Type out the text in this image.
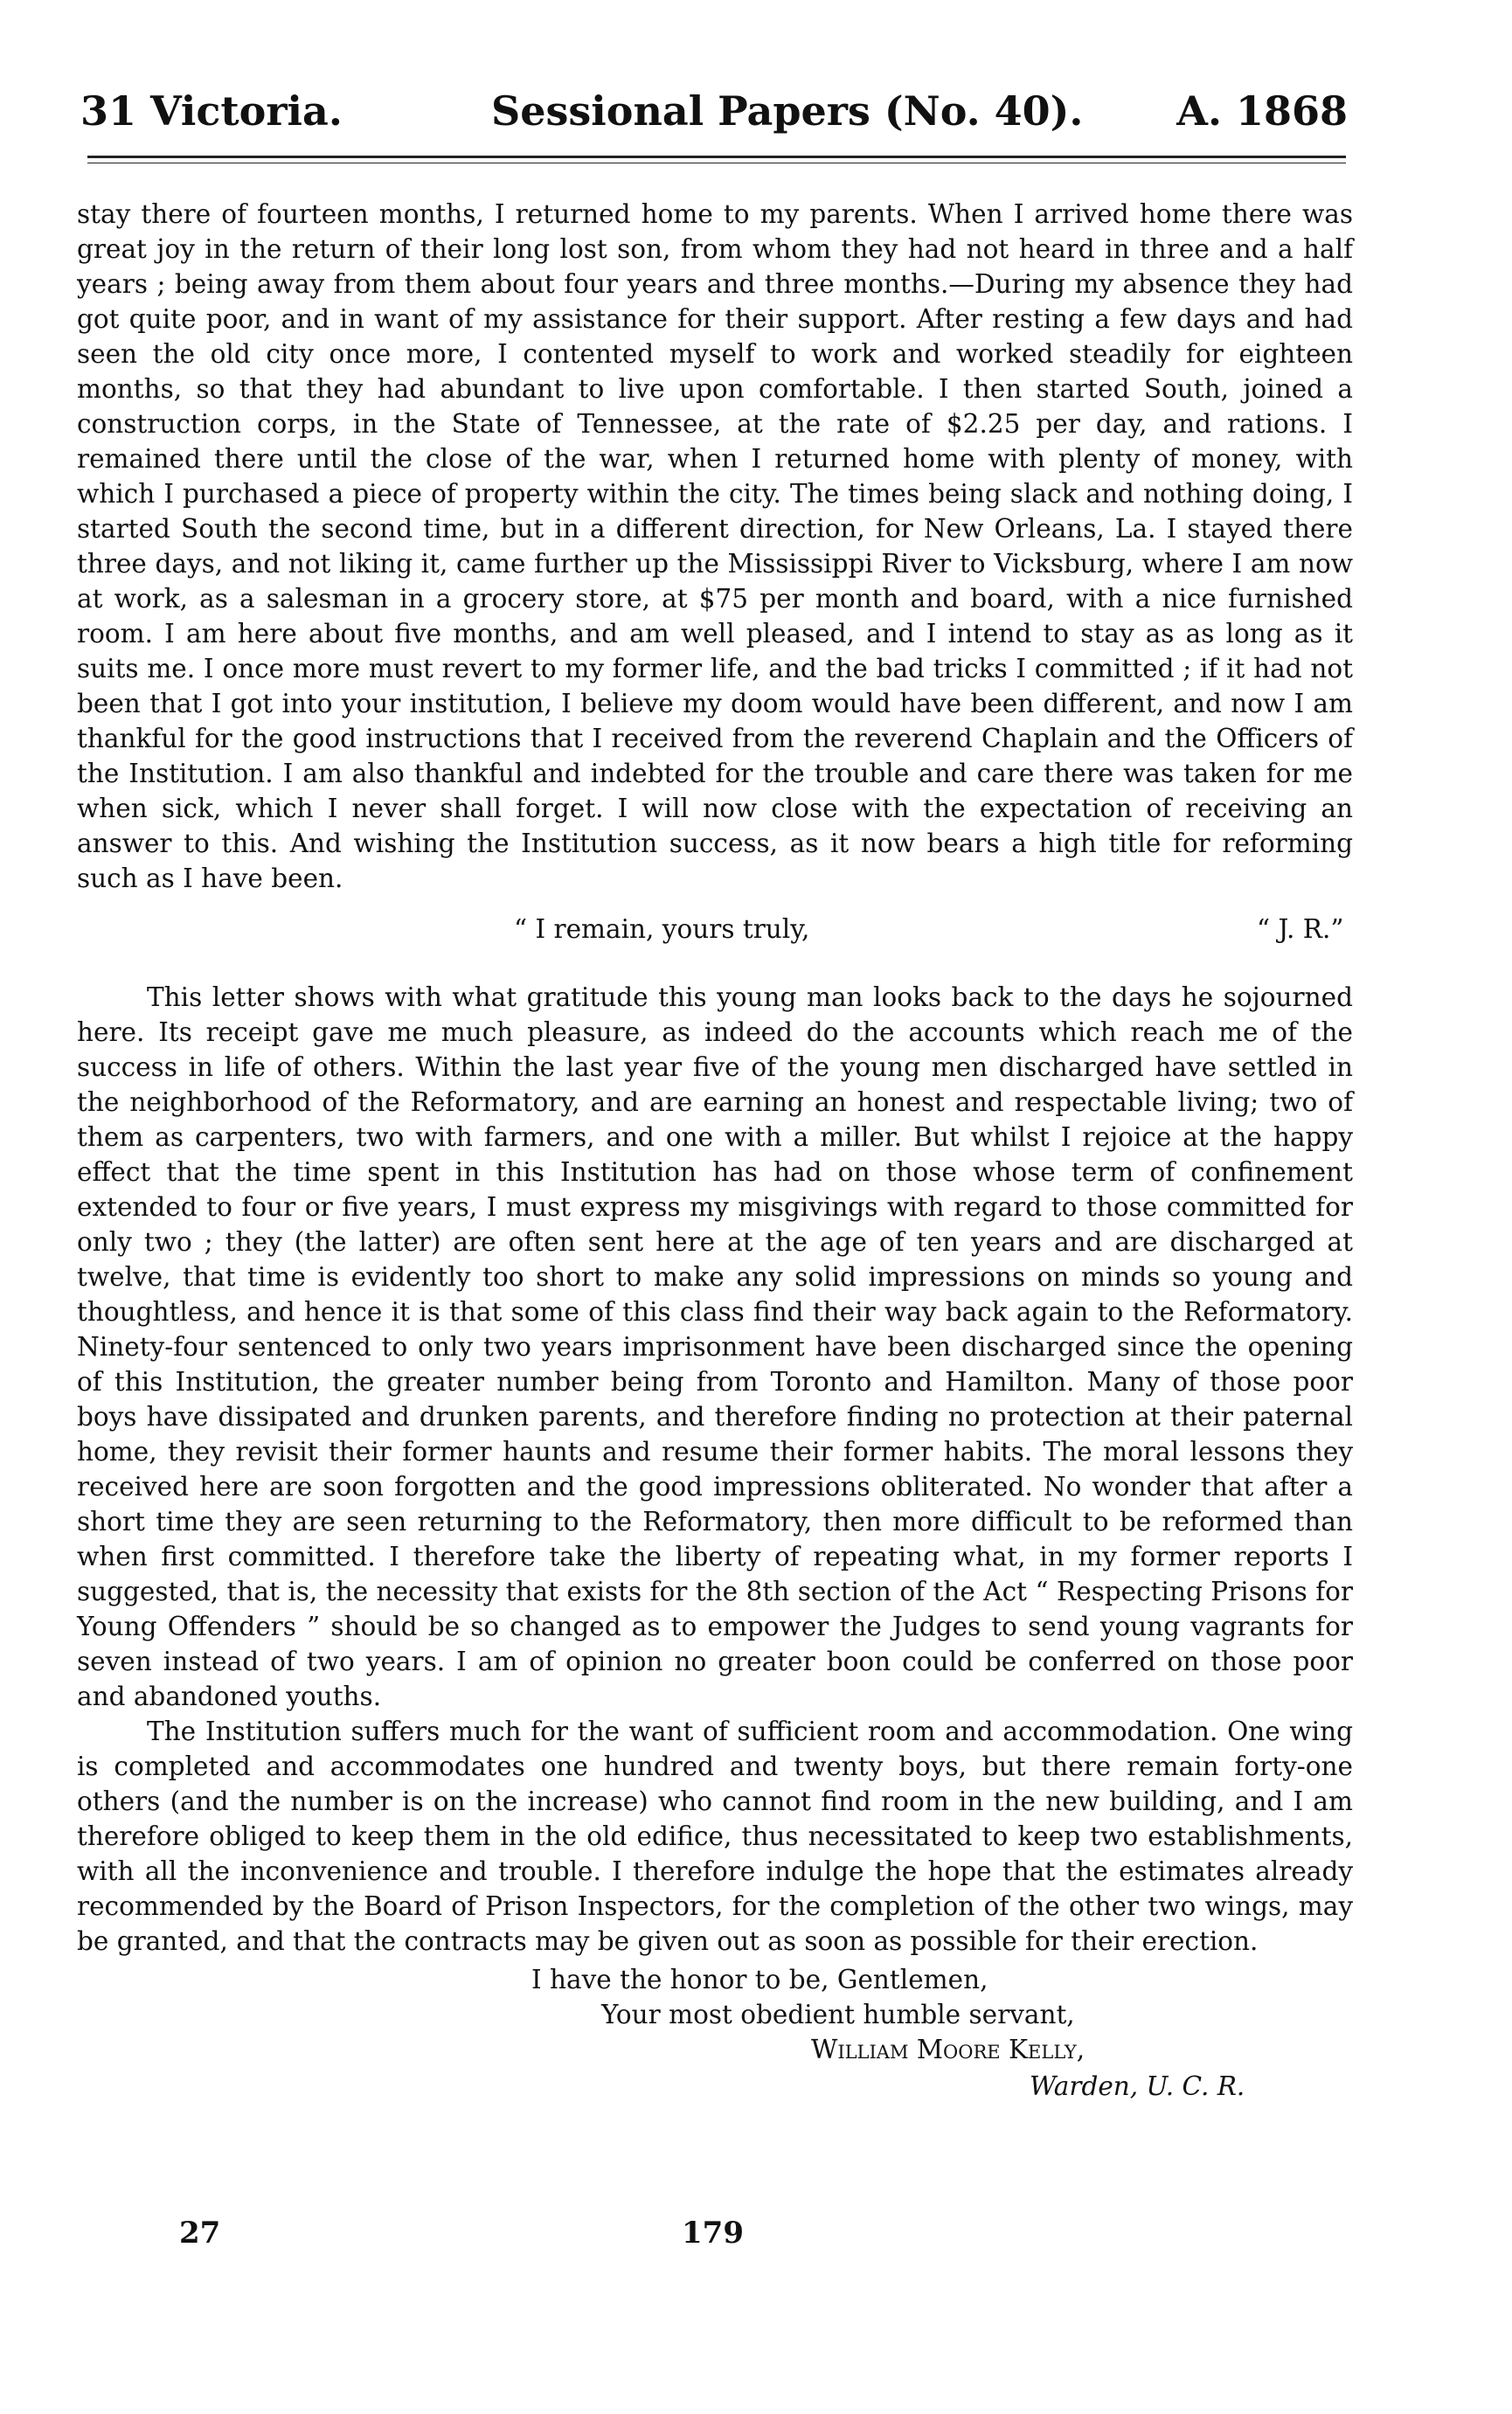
31 Victoria.	Sessional Papers (No. 40). A. 1868

stay there of fourteen months, I returned home to my parents. When I arrived home there was great joy in the return of their long lost son, from whom they had not heard in three and a half years ; being away from them about four years and three months.—During my absence they had got quite poor, and in want of my assistance for their support. After resting a few days and had seen the old city once more, I contented myself to work and worked steadily for eighteen months, so that they had abundant to live upon comfortable. I then started South, joined a construction corps, in the State of Tennessee, at the rate of $2.25 per day, and rations. I remained there until the close of the war, when I returned home with plenty of money, with which I purchased a piece of property within the city. The times being slack and nothing doing, I started South the second time, but in a different direction, for New Orleans, La. I stayed there three days, and not liking it, came further up the Mississippi River to Vicksburg, where I am now at work, as a salesman in a grocery store, at $75 per month and board, with a nice furnished room. I am here about five months, and am well pleased, and I intend to stay as as long as it suits me. I once more must revert to my former life, and the bad tricks I committed ; if it had not been that I got into your institution, I believe my doom would have been different, and now I am thankful for the good instructions that I received from the reverend Chaplain and the Officers of the Institution. I am also thankful and indebted for the trouble and care there was taken for me when sick, which I never shall forget. I will now close with the expectation of receiving an answer to this. And wishing the Institution success, as it now bears a high title for reforming such as I have been.

“ I remain, yours truly,	“ J. R.”

This letter shows with what gratitude this young man looks back to the days he sojourned here. Its receipt gave me much pleasure, as indeed do the accounts which reach me of the success in life of others. Within the last year five of the young men discharged have settled in the neighborhood of the Reformatory, and are earning an honest and respectable living; two of them as carpenters, two with farmers, and one with a miller. But whilst I rejoice at the happy effect that the time spent in this Institution has had on those whose term of confinement extended to four or five years, I must express my misgivings with regard to those committed for only two ; they (the latter) are often sent here at the age of ten years and are discharged at twelve, that time is evidently too short to make any solid impressions on minds so young and thoughtless, and hence it is that some of this class find their way back again to the Reformatory. Ninety-four sentenced to only two years imprisonment have been discharged since the opening of this Institution, the greater number being from Toronto and Hamilton. Many of those poor boys have dissipated and drunken parents, and therefore finding no protection at their paternal home, they revisit their former haunts and resume their former habits. The moral lessons they received here are soon forgotten and the good impressions obliterated. No wonder that after a short time they are seen returning to the Reformatory, then more difficult to be reformed than when first committed. I therefore take the liberty of repeating what, in my former reports I suggested, that is, the necessity that exists for the 8th section of the Act “ Respecting Prisons for Young Offenders ” should be so changed as to empower the Judges to send young vagrants for seven instead of two years. I am of opinion no greater boon could be conferred on those poor and abandoned youths.

The Institution suffers much for the want of sufficient room and accommodation. One wing is completed and accommodates one hundred and twenty boys, but there remain forty-one others (and the number is on the increase) who cannot find room in the new building, and I am therefore obliged to keep them in the old edifice, thus necessitated to keep two establishments, with all the inconvenience and trouble. I therefore indulge the hope that the estimates already recommended by the Board of Prison Inspectors, for the completion of the other two wings, may be granted, and that the contracts may be given out as soon as possible for their erection.

I have the honor to be, Gentlemen,
Your most obedient humble servant,
William Moore Kelly,
Warden, U. C. R.
27	179
